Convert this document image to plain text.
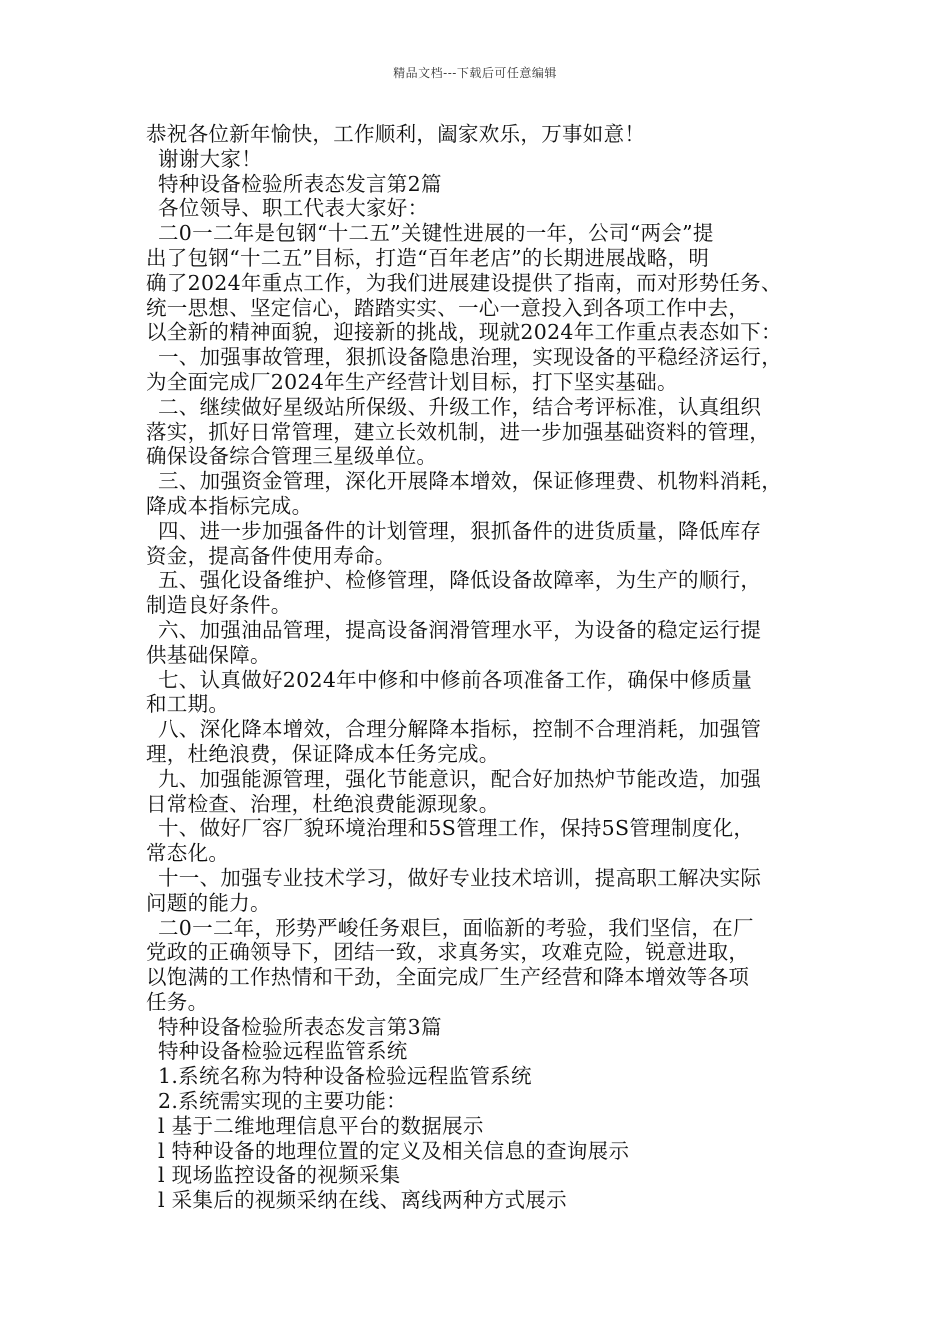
精品文档---下载后可任意编辑
恭祝各位新年愉快，工作顺利，阖家欢乐，万事如意！
谢谢大家！
特种设备检验所表态发言第2篇
各位领导、职工代表大家好：
二0一二年是包钢“十二五”关键性进展的一年，公司“两会”提
出了包钢“十二五”目标，打造“百年老店”的长期进展战略，明
确了2024年重点工作，为我们进展建设提供了指南，而对形势任务、
统一思想、坚定信心，踏踏实实、一心一意投入到各项工作中去，
以全新的精神面貌，迎接新的挑战，现就2024年工作重点表态如下：
一、加强事故管理，狠抓设备隐患治理，实现设备的平稳经济运行，
为全面完成厂2024年生产经营计划目标，打下坚实基础。
二、继续做好星级站所保级、升级工作，结合考评标准，认真组织
落实，抓好日常管理，建立长效机制，进一步加强基础资料的管理，
确保设备综合管理三星级单位。
三、加强资金管理，深化开展降本增效，保证修理费、机物料消耗，
降成本指标完成。
四、进一步加强备件的计划管理，狠抓备件的进货质量，降低库存
资金，提高备件使用寿命。
五、强化设备维护、检修管理，降低设备故障率，为生产的顺行，
制造良好条件。
六、加强油品管理，提高设备润滑管理水平，为设备的稳定运行提
供基础保障。
七、认真做好2024年中修和中修前各项准备工作，确保中修质量
和工期。
八、深化降本增效，合理分解降本指标，控制不合理消耗，加强管
理，杜绝浪费，保证降成本任务完成。
九、加强能源管理，强化节能意识，配合好加热炉节能改造，加强
日常检查、治理，杜绝浪费能源现象。
十、做好厂容厂貌环境治理和5S管理工作，保持5S管理制度化，
常态化。
十一、加强专业技术学习，做好专业技术培训，提高职工解决实际
问题的能力。
二0一二年，形势严峻任务艰巨，面临新的考验，我们坚信，在厂
党政的正确领导下，团结一致，求真务实，攻难克险，锐意进取，
以饱满的工作热情和干劲，全面完成厂生产经营和降本增效等各项
任务。
特种设备检验所表态发言第3篇
特种设备检验远程监管系统
1.系统名称为特种设备检验远程监管系统
2.系统需实现的主要功能：
l 基于二维地理信息平台的数据展示
l 特种设备的地理位置的定义及相关信息的查询展示
l 现场监控设备的视频采集
l 采集后的视频采纳在线、离线两种方式展示
